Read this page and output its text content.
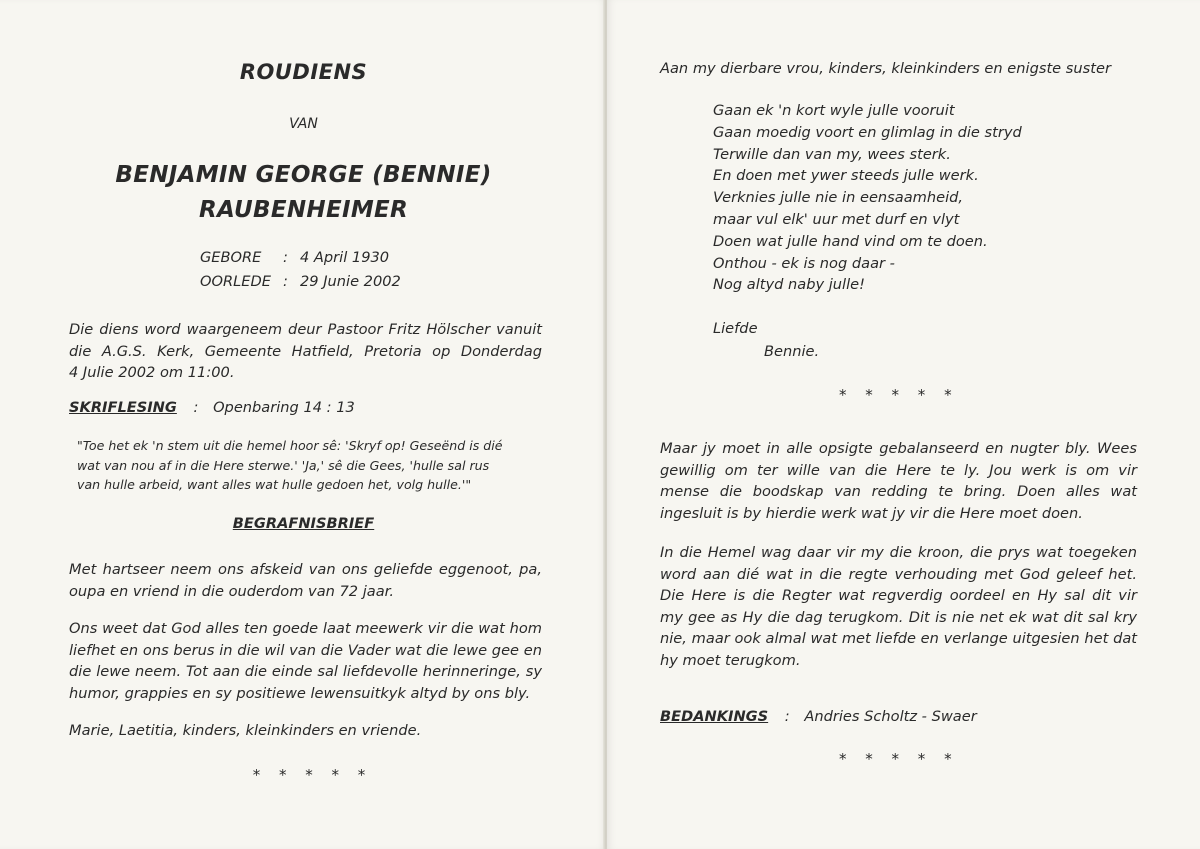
ROUDIENS
VAN
BENJAMIN GEORGE (BENNIE)
RAUBENHEIMER
GEBORE	: 4 April 1930
OORLEDE : 29 Junie 2002
Die diens word waargeneem deur Pastoor Fritz Hölscher vanuit
die A.G.S. Kerk, Gemeente Hatfield, Pretoria op Donderdag
4 Julie 2002 om 11:00.
SKRIFLESING : Openbaring 14 : 13
"Toe het ek 'n stem uit die hemel hoor sê: 'Skryf op! Geseënd is dié
wat van nou af in die Here sterwe.' 'Ja,' sê die Gees, 'hulle sal rus
van hulle arbeid, want alles wat hulle gedoen het, volg hulle.'"
BEGRAFNISBRIEF
Met hartseer neem ons afskeid van ons geliefde eggenoot, pa,
oupa en vriend in die ouderdom van 72 jaar.
Ons weet dat God alles ten goede laat meewerk vir die wat hom
liefhet en ons berus in die wil van die Vader wat die lewe gee en
die lewe neem. Tot aan die einde sal liefdevolle herinneringe, sy
humor, grappies en sy positiewe lewensuitkyk altyd by ons bly.
Marie, Laetitia, kinders, kleinkinders en vriende.
* * * * *
Aan my dierbare vrou, kinders, kleinkinders en enigste suster
Gaan ek 'n kort wyle julle vooruit
Gaan moedig voort en glimlag in die stryd
Terwille dan van my, wees sterk.
En doen met ywer steeds julle werk.
Verknies julle nie in eensaamheid,
maar vul elk' uur met durf en vlyt
Doen wat julle hand vind om te doen.
Onthou - ek is nog daar -
Nog altyd naby julle!
Liefde
Bennie.
* * * * *
Maar jy moet in alle opsigte gebalanseerd en nugter bly. Wees
gewillig om ter wille van die Here te ly. Jou werk is om vir
mense die boodskap van redding te bring. Doen alles wat
ingesluit is by hierdie werk wat jy vir die Here moet doen.
In die Hemel wag daar vir my die kroon, die prys wat toegeken
word aan dié wat in die regte verhouding met God geleef het.
Die Here is die Regter wat regverdig oordeel en Hy sal dit vir
my gee as Hy die dag terugkom. Dit is nie net ek wat dit sal kry
nie, maar ook almal wat met liefde en verlange uitgesien het dat
hy moet terugkom.
BEDANKINGS : Andries Scholtz - Swaer
* * * * *
